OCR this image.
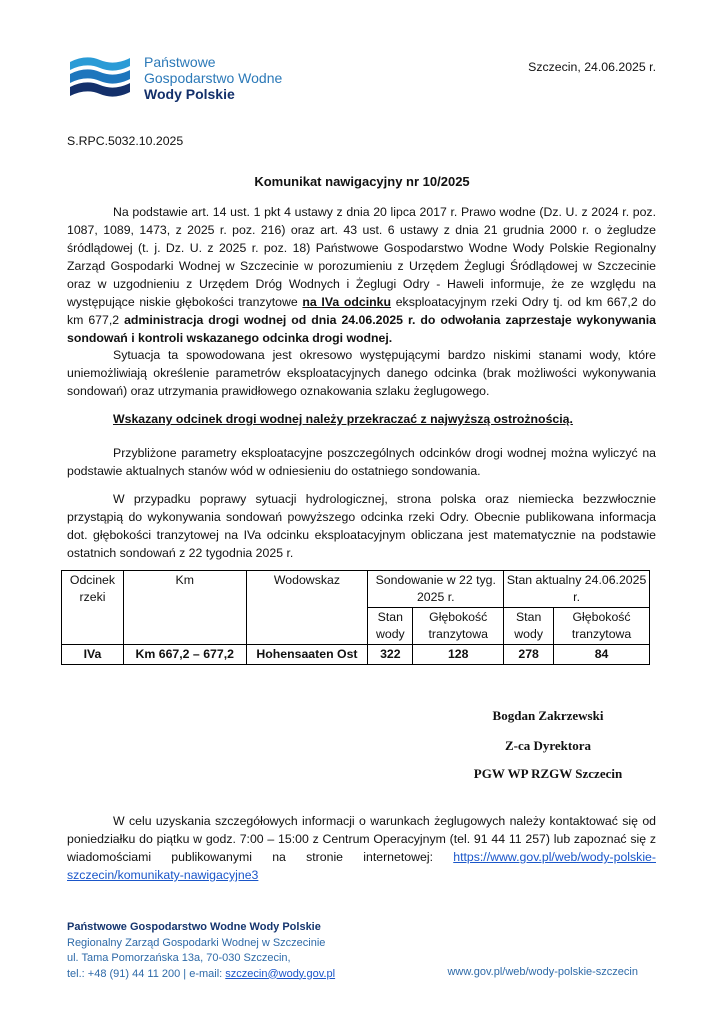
Państwowe
Gospodarstwo Wodne
Wody Polskie
Szczecin, 24.06.2025 r.
S.RPC.5032.10.2025
Komunikat nawigacyjny nr 10/2025
Na podstawie art. 14 ust. 1 pkt 4 ustawy z dnia 20 lipca 2017 r. Prawo wodne (Dz. U. z 2024 r. poz. 1087, 1089, 1473, z 2025 r. poz. 216) oraz art. 43 ust. 6 ustawy z dnia 21 grudnia 2000 r. o żegludze śródlądowej (t. j. Dz. U. z 2025 r. poz. 18) Państwowe Gospodarstwo Wodne Wody Polskie Regionalny Zarząd Gospodarki Wodnej w Szczecinie w porozumieniu z Urzędem Żeglugi Śródlądowej w Szczecinie oraz w uzgodnieniu z Urzędem Dróg Wodnych i Żeglugi Odry - Haweli informuje, że ze względu na występujące niskie głębokości tranzytowe na IVa odcinku eksploatacyjnym rzeki Odry tj. od km 667,2 do km 677,2 administracja drogi wodnej od dnia 24.06.2025 r. do odwołania zaprzestaje wykonywania sondowań i kontroli wskazanego odcinka drogi wodnej.
Sytuacja ta spowodowana jest okresowo występującymi bardzo niskimi stanami wody, które uniemożliwiają określenie parametrów eksploatacyjnych danego odcinka (brak możliwości wykonywania sondowań) oraz utrzymania prawidłowego oznakowania szlaku żeglugowego.
Wskazany odcinek drogi wodnej należy przekraczać z najwyższą ostrożnością.
Przybliżone parametry eksploatacyjne poszczególnych odcinków drogi wodnej można wyliczyć na podstawie aktualnych stanów wód w odniesieniu do ostatniego sondowania.
W przypadku poprawy sytuacji hydrologicznej, strona polska oraz niemiecka bezzwłocznie przystąpią do wykonywania sondowań powyższego odcinka rzeki Odry. Obecnie publikowana informacja dot. głębokości tranzytowej na IVa odcinku eksploatacyjnym obliczana jest matematycznie na podstawie ostatnich sondowań z 22 tygodnia 2025 r.
Odcinek rzeki	Km	Wodowskaz	Sondowanie w 22 tyg. 2025 r.		Stan aktualny 24.06.2025 r.	
			Stan wody	Głębokość tranzytowa	Stan wody	Głębokość tranzytowa
IVa	Km 667,2 – 677,2	Hohensaaten Ost	322	128	278	84
Bogdan Zakrzewski
Z-ca Dyrektora
PGW WP RZGW Szczecin
W celu uzyskania szczegółowych informacji o warunkach żeglugowych należy kontaktować się od poniedziałku do piątku w godz. 7:00 – 15:00 z Centrum Operacyjnym (tel. 91 44 11 257) lub zapoznać się z wiadomościami publikowanymi na stronie internetowej: https://www.gov.pl/web/wody-polskie-szczecin/komunikaty-nawigacyjne3
Państwowe Gospodarstwo Wodne Wody Polskie
Regionalny Zarząd Gospodarki Wodnej w Szczecinie
ul. Tama Pomorzańska 13a, 70-030 Szczecin,
tel.: +48 (91) 44 11 200 | e-mail: szczecin@wody.gov.pl	www.gov.pl/web/wody-polskie-szczecin
